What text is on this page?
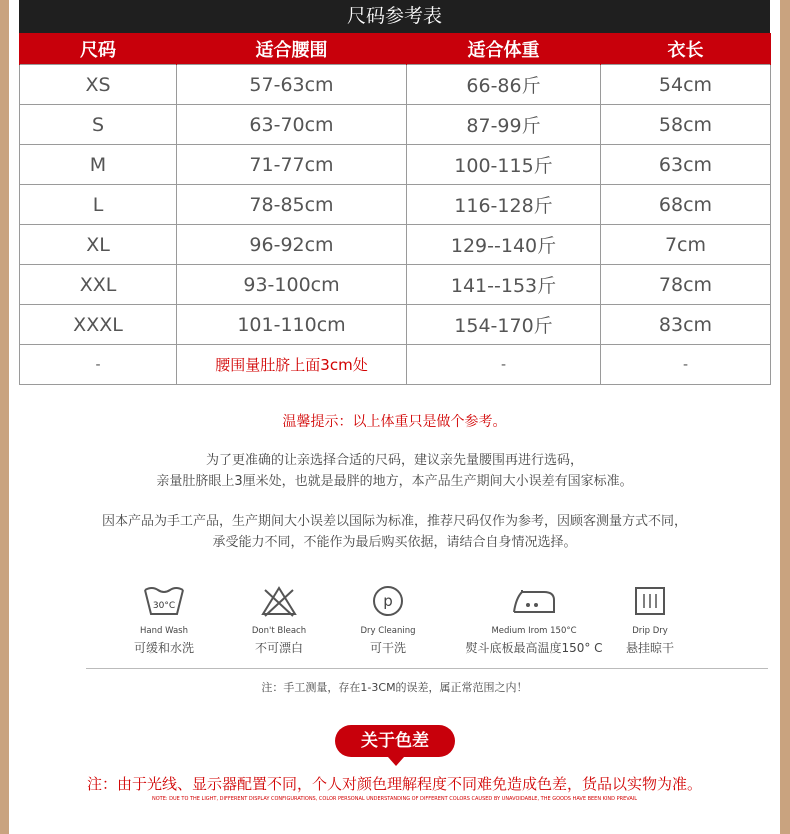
尺码参考表
尺码	适合腰围	适合体重	衣长
XS	57-63cm	66-86斤	54cm
S	63-70cm	87-99斤	58cm
M	71-77cm	100-115斤	63cm
L	78-85cm	116-128斤	68cm
XL	96-92cm	129--140斤	7cm
XXL	93-100cm	141--153斤	78cm
XXXL	101-110cm	154-170斤	83cm
-	腰围量肚脐上面3cm处	-	-
温馨提示：以上体重只是做个参考。
为了更准确的让亲选择合适的尺码，建议亲先量腰围再进行选码，
亲量肚脐眼上3厘米处，也就是最胖的地方，本产品生产期间大小误差有国家标准。
因本产品为手工产品，生产期间大小误差以国际为标准，推荐尺码仅作为参考，因顾客测量方式不同，
承受能力不同，不能作为最后购买依据，请结合自身情况选择。
30°C
Hand Wash
可缓和水洗
Don't Bleach
不可漂白
p
Dry Cleaning
可干洗
Medium Irom 150°C
熨斗底板最高温度150° C
Drip Dry
悬挂晾干
注：手工测量，存在1-3CM的误差，属正常范围之内！
关于色差
注：由于光线、显示器配置不同，个人对颜色理解程度不同难免造成色差，货品以实物为准。
NOTE: DUE TO THE LIGHT, DIFFERENT DISPLAY CONFIGURATIONS, COLOR PERSONAL UNDERSTANDING OF DIFFERENT COLORS CAUSED BY UNAVOIDABLE, THE GOODS HAVE BEEN KIND PREVAIL
